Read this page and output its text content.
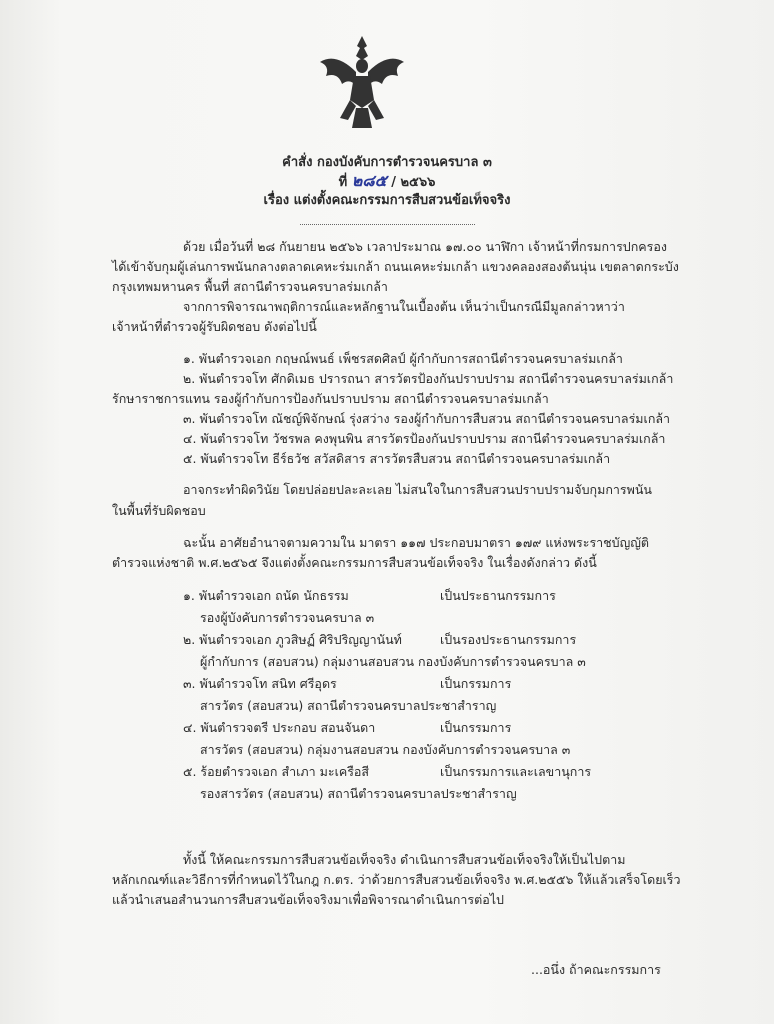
คำสั่ง กองบังคับการตำรวจนครบาล ๓
ที่ ๒๘๕ / ๒๕๖๖
เรื่อง แต่งตั้งคณะกรรมการสืบสวนข้อเท็จจริง
ด้วย เมื่อวันที่ ๒๘ กันยายน ๒๕๖๖ เวลาประมาณ ๑๗.๐๐ นาฬิกา เจ้าหน้าที่กรมการปกครอง
ได้เข้าจับกุมผู้เล่นการพนันกลางตลาดเคหะร่มเกล้า ถนนเคหะร่มเกล้า แขวงคลองสองต้นนุ่น เขตลาดกระบัง
กรุงเทพมหานคร พื้นที่ สถานีตำรวจนครบาลร่มเกล้า
จากการพิจารณาพฤติการณ์และหลักฐานในเบื้องต้น เห็นว่าเป็นกรณีมีมูลกล่าวหาว่า
เจ้าหน้าที่ตำรวจผู้รับผิดชอบ ดังต่อไปนี้
๑. พันตำรวจเอก กฤษณ์พนธ์ เพ็ชรสดศิลป์ ผู้กำกับการสถานีตำรวจนครบาลร่มเกล้า
๒. พันตำรวจโท ศักดิเมธ ปรารถนา สารวัตรป้องกันปราบปราม สถานีตำรวจนครบาลร่มเกล้า
รักษาราชการแทน รองผู้กำกับการป้องกันปราบปราม สถานีตำรวจนครบาลร่มเกล้า
๓. พันตำรวจโท ณัชญ์พิจักษณ์ รุ่งสว่าง รองผู้กำกับการสืบสวน สถานีตำรวจนครบาลร่มเกล้า
๔. พันตำรวจโท วัชรพล คงพุนพิน สารวัตรป้องกันปราบปราม สถานีตำรวจนครบาลร่มเกล้า
๕. พันตำรวจโท ธีร์ธวัช สวัสดิสาร สารวัตรสืบสวน สถานีตำรวจนครบาลร่มเกล้า
อาจกระทำผิดวินัย โดยปล่อยปละละเลย ไม่สนใจในการสืบสวนปราบปรามจับกุมการพนัน
ในพื้นที่รับผิดชอบ
ฉะนั้น อาศัยอำนาจตามความใน มาตรา ๑๑๗ ประกอบมาตรา ๑๗๙ แห่งพระราชบัญญัติ
ตำรวจแห่งชาติ พ.ศ.๒๕๖๕ จึงแต่งตั้งคณะกรรมการสืบสวนข้อเท็จจริง ในเรื่องดังกล่าว ดังนี้
๑. พันตำรวจเอก ถนัด นักธรรม	เป็นประธานกรรมการ
รองผู้บังคับการตำรวจนครบาล ๓
๒. พันตำรวจเอก ภูวสิษฏ์ ศิริปริญญานันท์	เป็นรองประธานกรรมการ
ผู้กำกับการ (สอบสวน) กลุ่มงานสอบสวน กองบังคับการตำรวจนครบาล ๓
๓. พันตำรวจโท สนิท ศรีอุดร	เป็นกรรมการ
สารวัตร (สอบสวน) สถานีตำรวจนครบาลประชาสำราญ
๔. พันตำรวจตรี ประกอบ สอนจันดา	เป็นกรรมการ
สารวัตร (สอบสวน) กลุ่มงานสอบสวน กองบังคับการตำรวจนครบาล ๓
๕. ร้อยตำรวจเอก สำเภา มะเครือสี	เป็นกรรมการและเลขานุการ
รองสารวัตร (สอบสวน) สถานีตำรวจนครบาลประชาสำราญ
ทั้งนี้ ให้คณะกรรมการสืบสวนข้อเท็จจริง ดำเนินการสืบสวนข้อเท็จจริงให้เป็นไปตาม
หลักเกณฑ์และวิธีการที่กำหนดไว้ในกฎ ก.ตร. ว่าด้วยการสืบสวนข้อเท็จจริง พ.ศ.๒๕๕๖ ให้แล้วเสร็จโดยเร็ว
แล้วนำเสนอสำนวนการสืบสวนข้อเท็จจริงมาเพื่อพิจารณาดำเนินการต่อไป
...อนึ่ง ถ้าคณะกรรมการ
